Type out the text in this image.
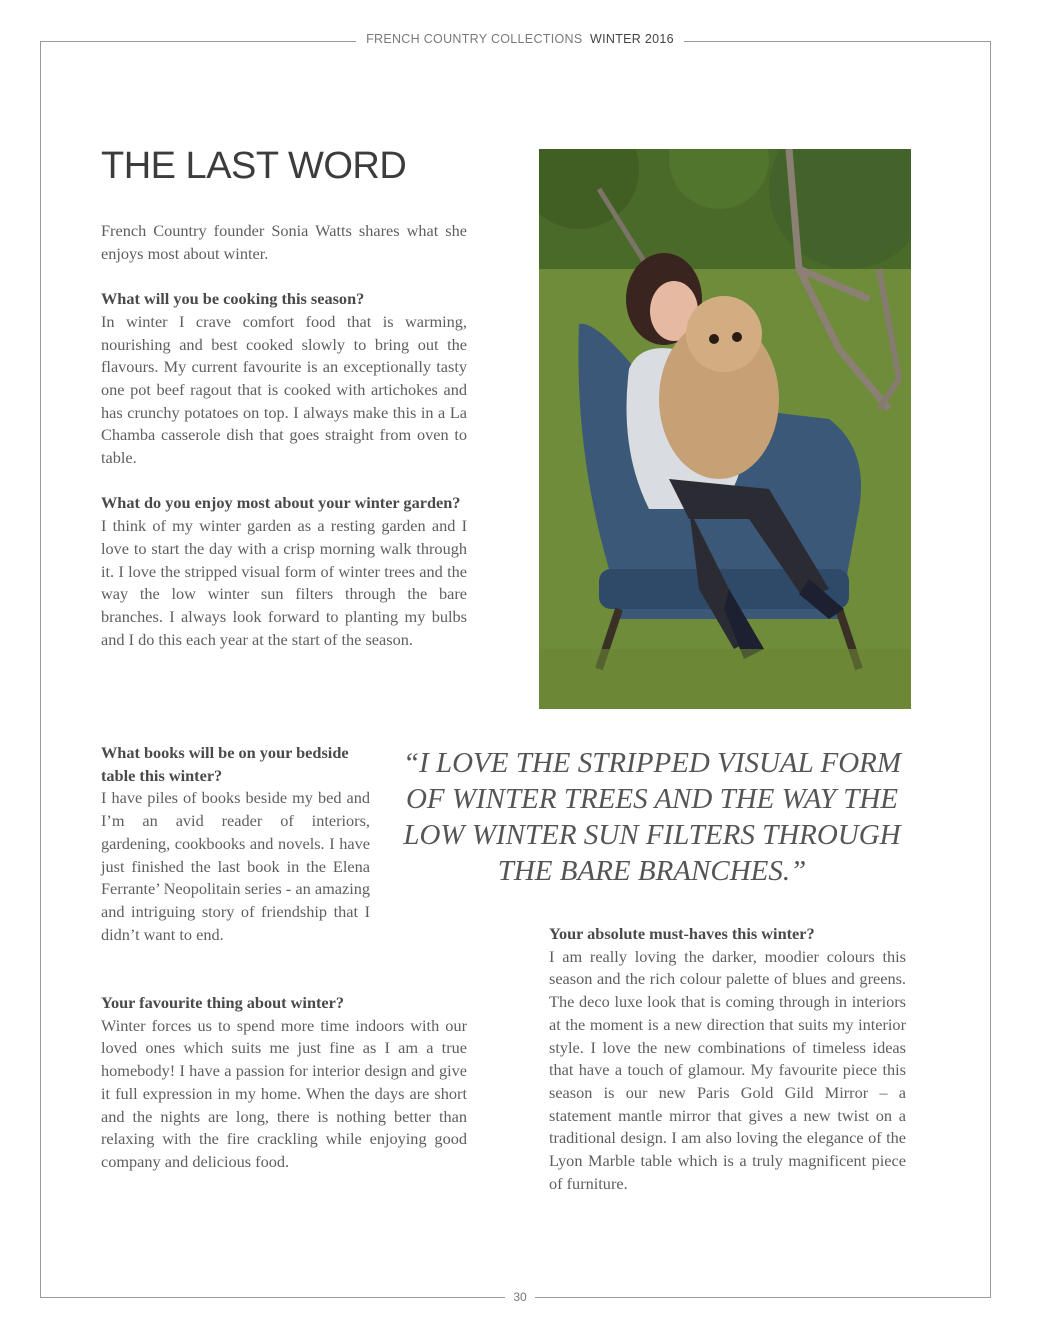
FRENCH COUNTRY COLLECTIONS WINTER 2016
THE LAST WORD

French Country founder Sonia Watts shares what she enjoys most about winter.

What will you be cooking this season?

In winter I crave comfort food that is warming, nourishing and best cooked slowly to bring out the flavours. My current favourite is an exceptionally tasty one pot beef ragout that is cooked with artichokes and has crunchy potatoes on top. I always make this in a La Chamba casserole dish that goes straight from oven to table.

What do you enjoy most about your winter garden?

I think of my winter garden as a resting garden and I love to start the day with a crisp morning walk through it. I love the stripped visual form of winter trees and the way the low winter sun filters through the bare branches. I always look forward to planting my bulbs and I do this each year at the start of the season.

What books will be on your bedside table this winter?

I have piles of books beside my bed and I’m an avid reader of interiors, gardening, cookbooks and novels. I have just finished the last book in the Elena Ferrante’ Neopolitain series - an amazing and intriguing story of friendship that I didn’t want to end.

Your favourite thing about winter?

Winter forces us to spend more time indoors with our loved ones which suits me just fine as I am a true homebody! I have a passion for interior design and give it full expression in my home. When the days are short and the nights are long, there is nothing better than relaxing with the fire crackling while enjoying good company and delicious food.

Your absolute must-haves this winter?

I am really loving the darker, moodier colours this season and the rich colour palette of blues and greens. The deco luxe look that is coming through in interiors at the moment is a new direction that suits my interior style. I love the new combinations of timeless ideas that have a touch of glamour. My favourite piece this season is our new Paris Gold Gild Mirror – a statement mantle mirror that gives a new twist on a traditional design. I am also loving the elegance of the Lyon Marble table which is a truly magnificent piece of furniture.

“I LOVE THE STRIPPED VISUAL FORM OF WINTER TREES AND THE WAY THE LOW WINTER SUN FILTERS THROUGH THE BARE BRANCHES.”

30
